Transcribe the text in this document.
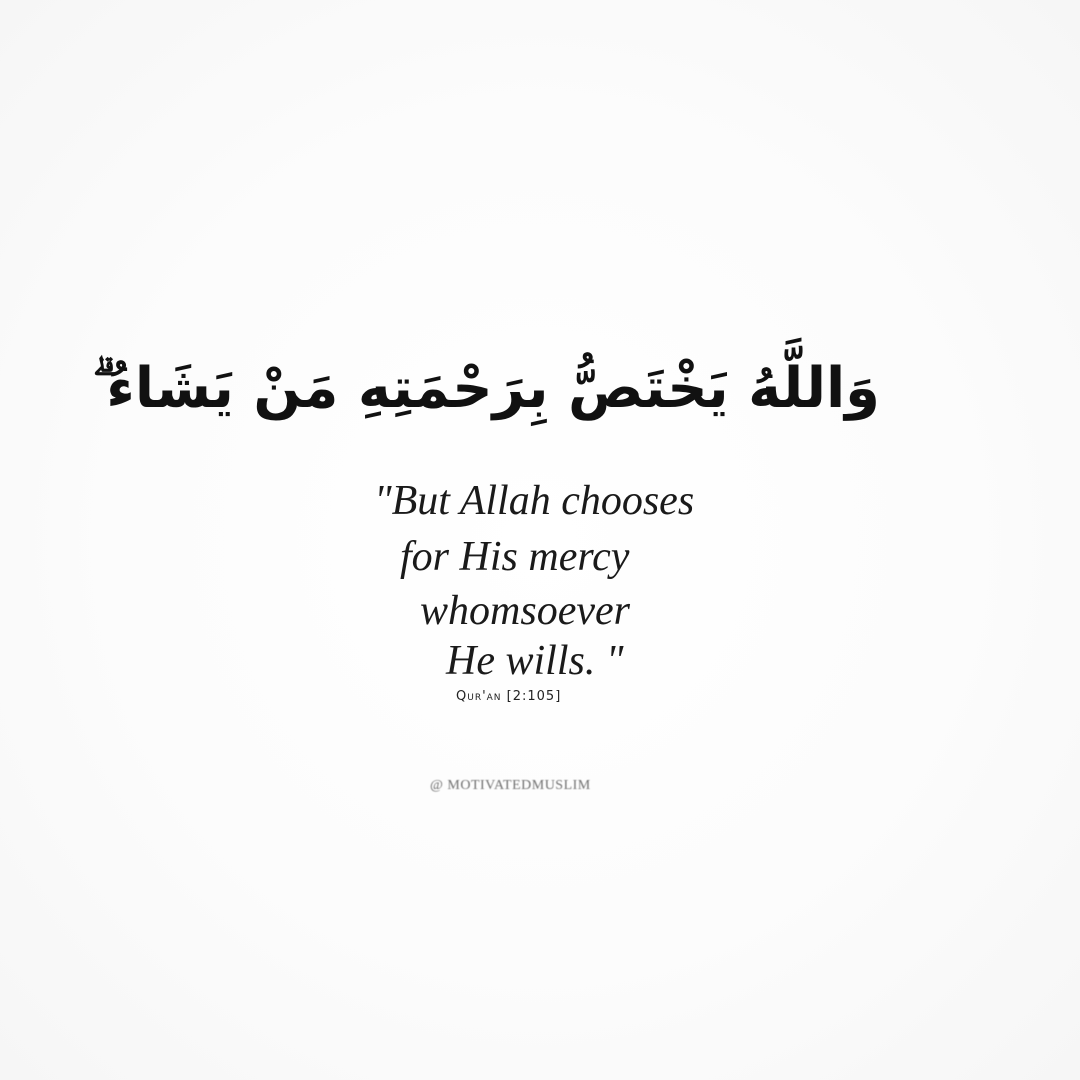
وَاللَّهُ يَخْتَصُّ بِرَحْمَتِهِ مَنْ يَشَاءُ ۗ
"But Allah chooses
for His mercy
whomsoever
He wills. "
Qur'an [2:105]
@ MOTIVATEDMUSLIM
